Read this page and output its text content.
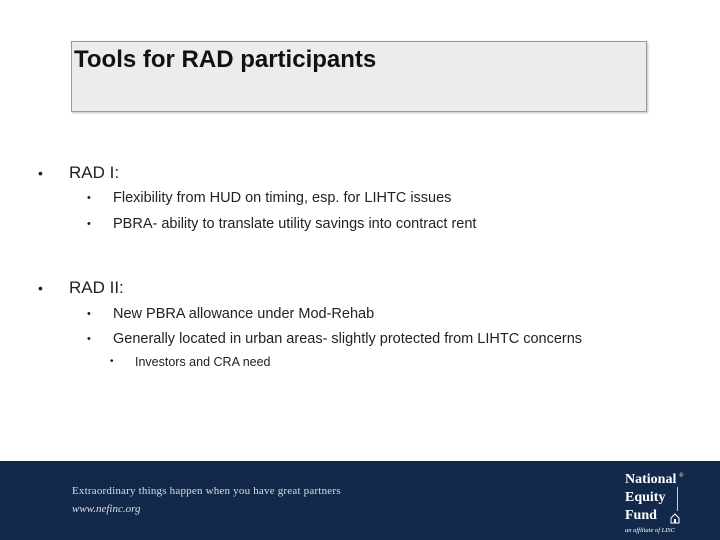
Tools for RAD participants
• RAD I:
• Flexibility from HUD on timing, esp. for LIHTC issues
• PBRA- ability to translate utility savings into contract rent
• RAD II:
• New PBRA allowance under Mod-Rehab
• Generally located in urban areas- slightly protected from LIHTC concerns
• Investors and CRA need
Extraordinary things happen when you have great partners
www.nefinc.org
National ®
Equity
Fund
an affiliate of LISC
